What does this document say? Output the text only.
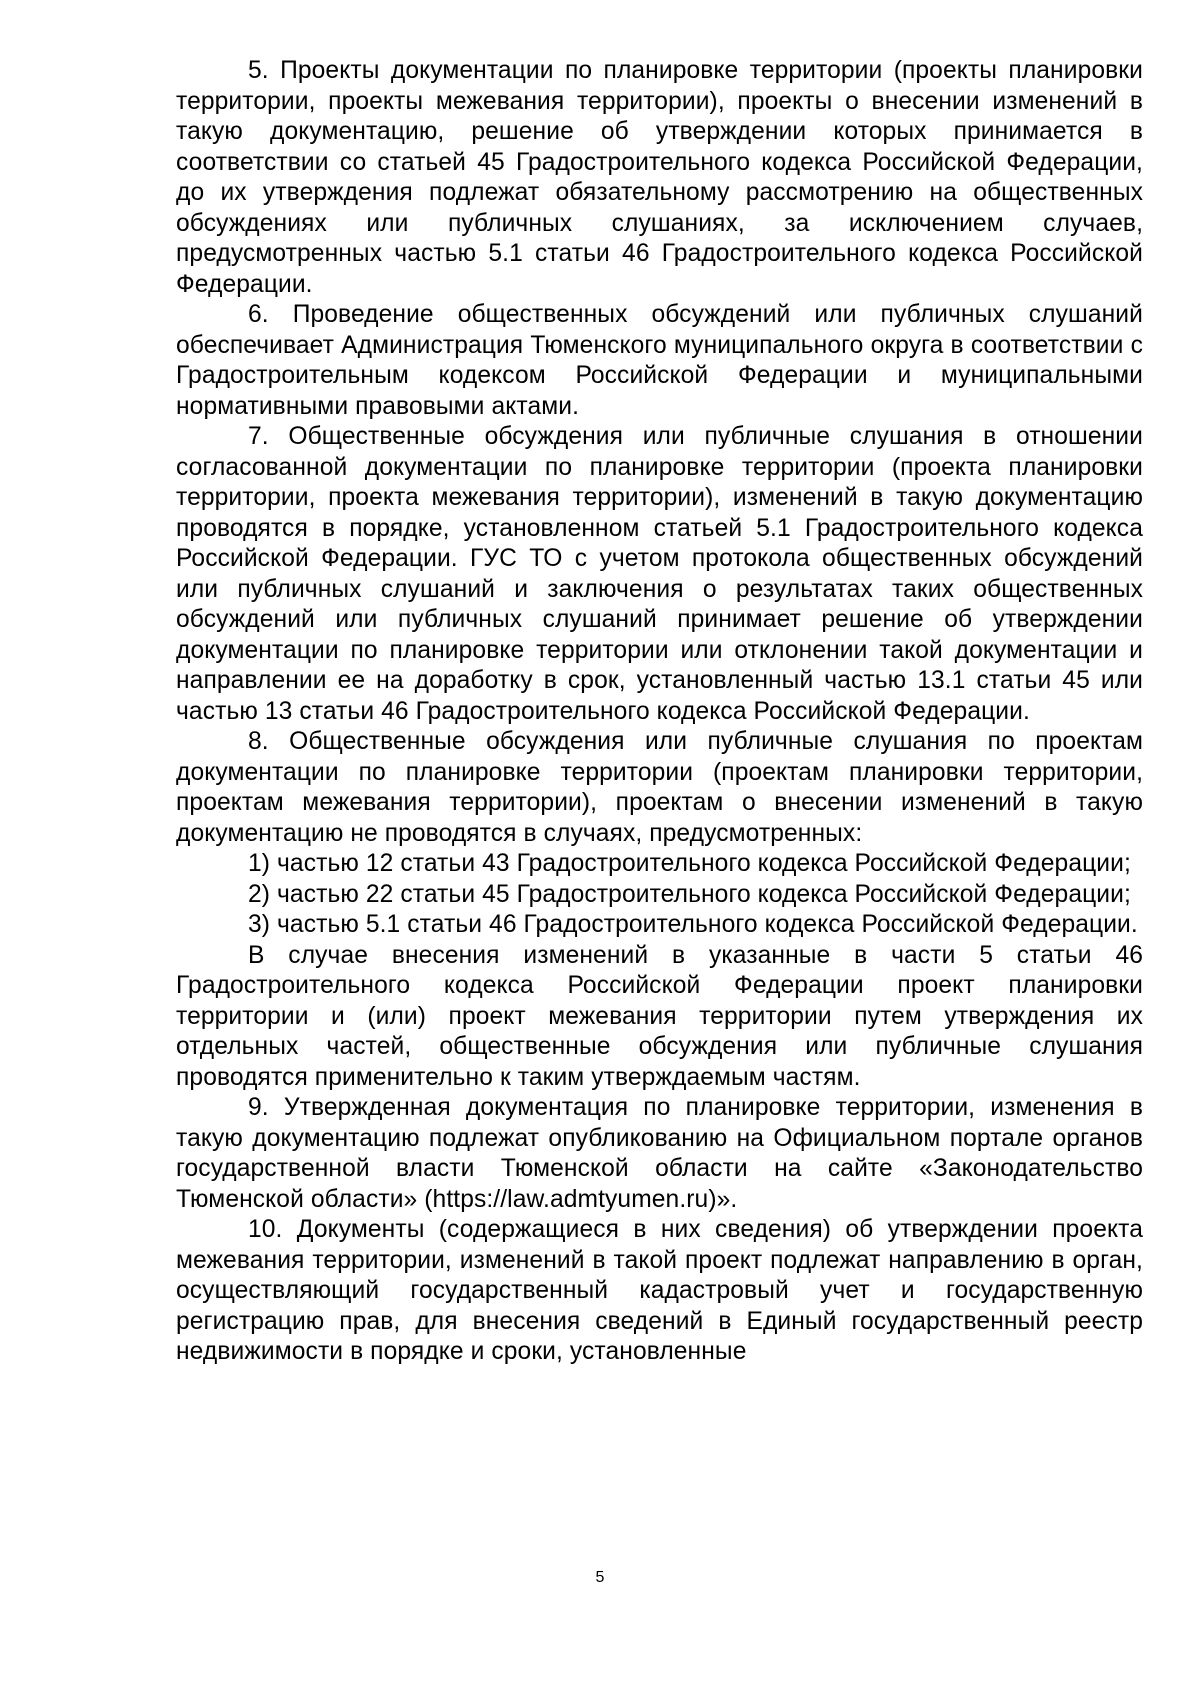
5. Проекты документации по планировке территории (проекты планировки территории, проекты межевания территории), проекты о внесении изменений в такую документацию, решение об утверждении которых принимается в соответствии со статьей 45 Градостроительного кодекса Российской Федерации, до их утверждения подлежат обязательному рассмотрению на общественных обсуждениях или публичных слушаниях, за исключением случаев, предусмотренных частью 5.1 статьи 46 Градостроительного кодекса Российской Федерации.

6. Проведение общественных обсуждений или публичных слушаний обеспечивает Администрация Тюменского муниципального округа в соответствии с Градостроительным кодексом Российской Федерации и муниципальными нормативными правовыми актами.

7. Общественные обсуждения или публичные слушания в отношении согласованной документации по планировке территории (проекта планировки территории, проекта межевания территории), изменений в такую документацию проводятся в порядке, установленном статьей 5.1 Градостроительного кодекса Российской Федерации. ГУС ТО с учетом протокола общественных обсуждений или публичных слушаний и заключения о результатах таких общественных обсуждений или публичных слушаний принимает решение об утверждении документации по планировке территории или отклонении такой документации и направлении ее на доработку в срок, установленный частью 13.1 статьи 45 или частью 13 статьи 46 Градостроительного кодекса Российской Федерации.

8. Общественные обсуждения или публичные слушания по проектам документации по планировке территории (проектам планировки территории, проектам межевания территории), проектам о внесении изменений в такую документацию не проводятся в случаях, предусмотренных:

1) частью 12 статьи 43 Градостроительного кодекса Российской Федерации;

2) частью 22 статьи 45 Градостроительного кодекса Российской Федерации;

3) частью 5.1 статьи 46 Градостроительного кодекса Российской Федерации.

В случае внесения изменений в указанные в части 5 статьи 46 Градостроительного кодекса Российской Федерации проект планировки территории и (или) проект межевания территории путем утверждения их отдельных частей, общественные обсуждения или публичные слушания проводятся применительно к таким утверждаемым частям.

9. Утвержденная документация по планировке территории, изменения в такую документацию подлежат опубликованию на Официальном портале органов государственной власти Тюменской области на сайте «Законодательство Тюменской области» (https://law.admtyumen.ru)».

10. Документы (содержащиеся в них сведения) об утверждении проекта межевания территории, изменений в такой проект подлежат направлению в орган, осуществляющий государственный кадастровый учет и государственную регистрацию прав, для внесения сведений в Единый государственный реестр недвижимости в порядке и сроки, установленные

5
